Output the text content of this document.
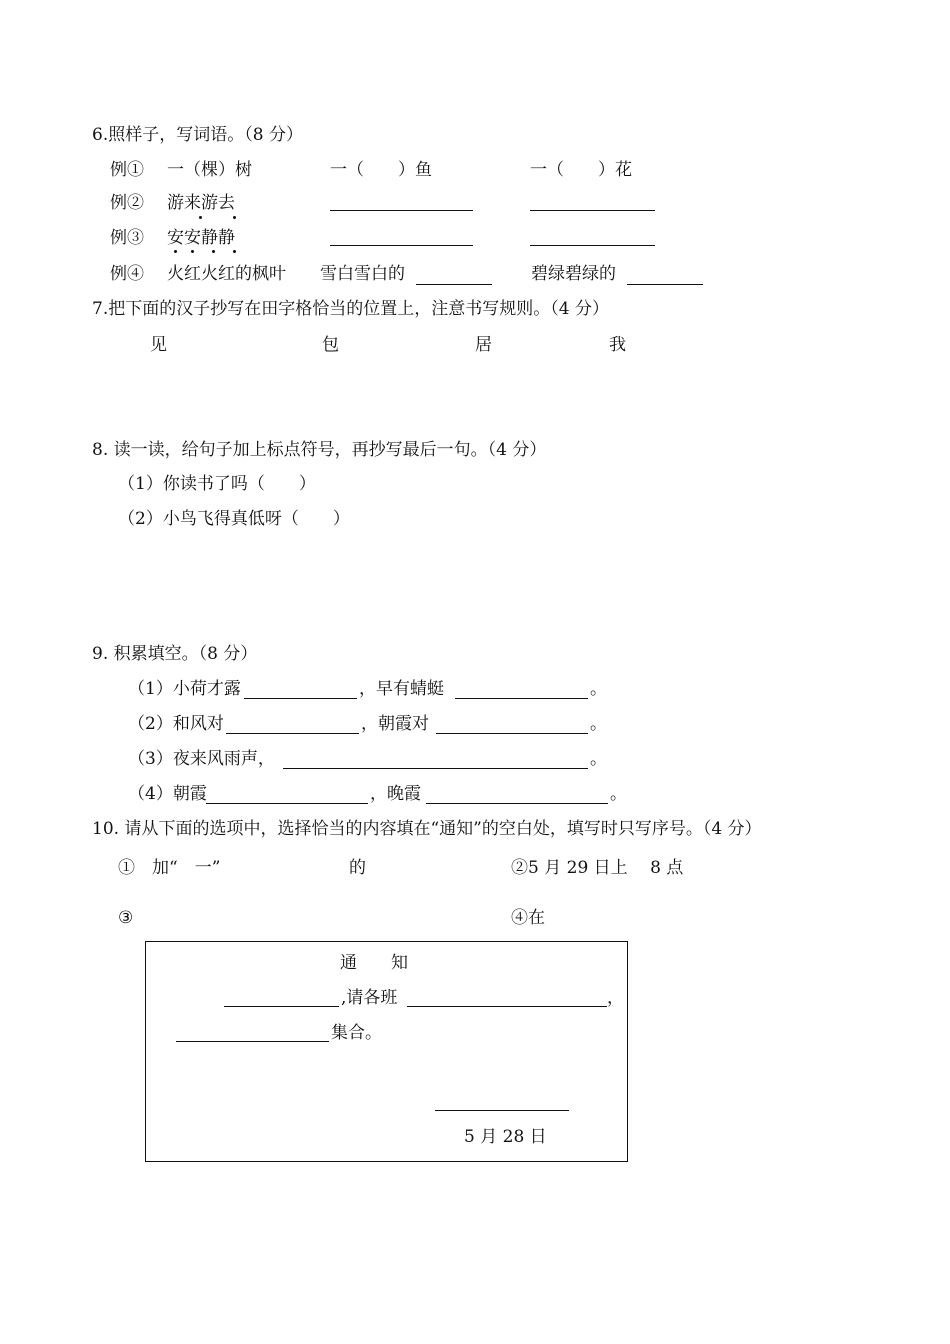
6.照样子，写词语。（8 分）
例① 一（棵）树	一（　　）鱼	一（　　）花
例② 游来游去
例③ 安安静静
例④ 火红火红的枫叶 雪白雪白的	碧绿碧绿的
7.把下面的汉子抄写在田字格恰当的位置上，注意书写规则。（4 分）
见	包	居	我
8. 读一读，给句子加上标点符号，再抄写最后一句。（4 分）
（1）你读书了吗（　　）
（2）小鸟飞得真低呀（　　）
9. 积累填空。（8 分）
（1）小荷才露	，早有蜻蜓	。
（2）和风对	，朝霞对	。
（3）夜来风雨声，	。
（4）朝霞	，晚霞	。
10. 请从下面的选项中，选择恰当的内容填在“通知”的空白处，填写时只写序号。（4 分）
①　加“　一”	的	②5 月 29 日上　 8 点
③	④在
通　　知
,请各班	，
集合。
5 月 28 日
